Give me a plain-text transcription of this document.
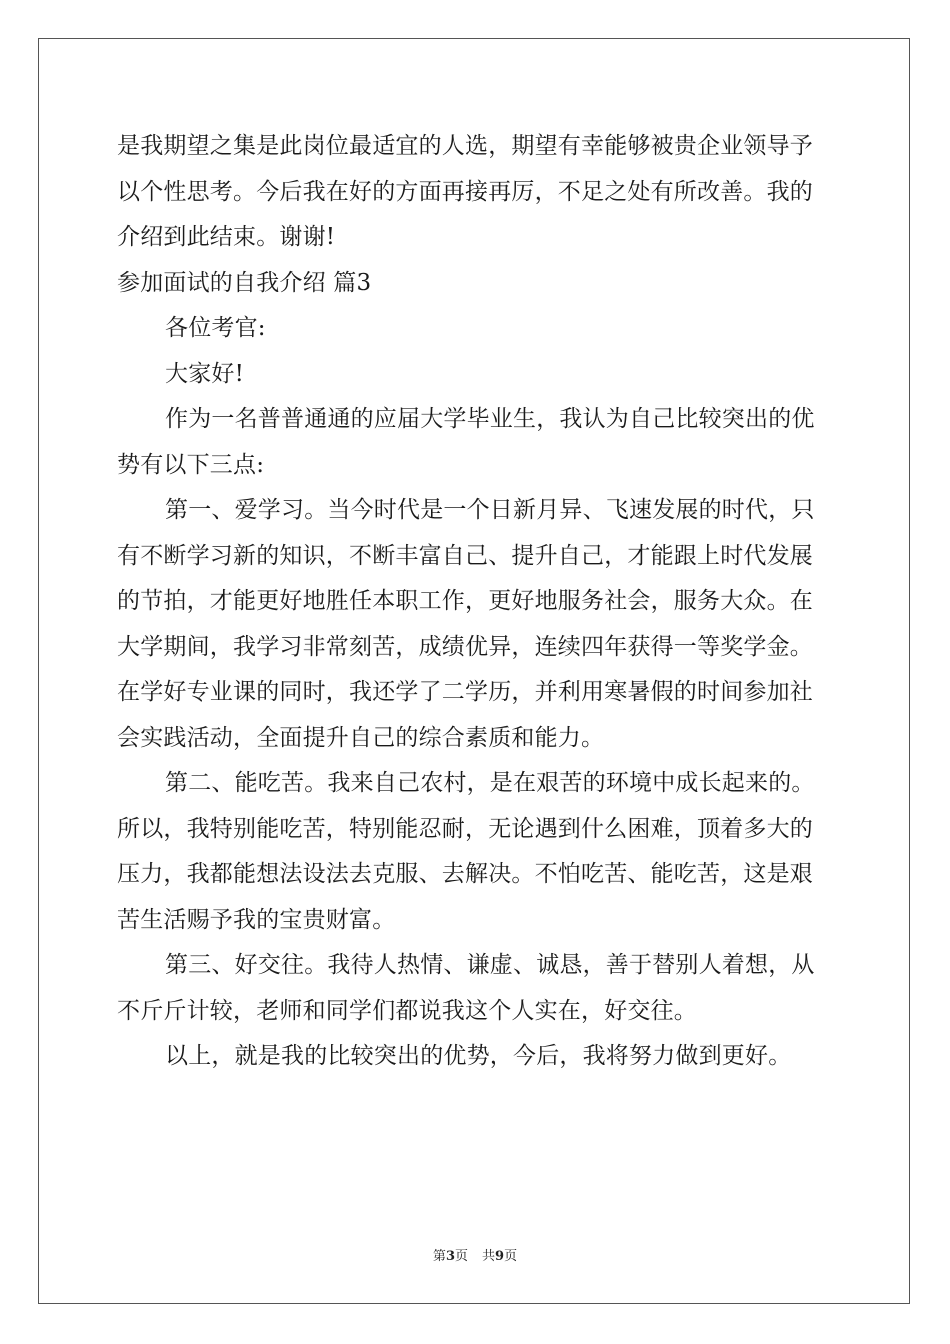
是我期望之集是此岗位最适宜的人选，期望有幸能够被贵企业领导予
以个性思考。今后我在好的方面再接再厉，不足之处有所改善。我的
介绍到此结束。谢谢!
参加面试的自我介绍 篇3
各位考官:
大家好!
作为一名普普通通的应届大学毕业生，我认为自己比较突出的优
势有以下三点:
第一、爱学习。当今时代是一个日新月异、飞速发展的时代，只
有不断学习新的知识，不断丰富自己、提升自己，才能跟上时代发展
的节拍，才能更好地胜任本职工作，更好地服务社会，服务大众。在
大学期间，我学习非常刻苦，成绩优异，连续四年获得一等奖学金。
在学好专业课的同时，我还学了二学历，并利用寒暑假的时间参加社
会实践活动，全面提升自己的综合素质和能力。
第二、能吃苦。我来自己农村，是在艰苦的环境中成长起来的。
所以，我特别能吃苦，特别能忍耐，无论遇到什么困难，顶着多大的
压力，我都能想法设法去克服、去解决。不怕吃苦、能吃苦，这是艰
苦生活赐予我的宝贵财富。
第三、好交往。我待人热情、谦虚、诚恳，善于替别人着想，从
不斤斤计较，老师和同学们都说我这个人实在，好交往。
以上，就是我的比较突出的优势，今后，我将努力做到更好。
第3页 共9页
